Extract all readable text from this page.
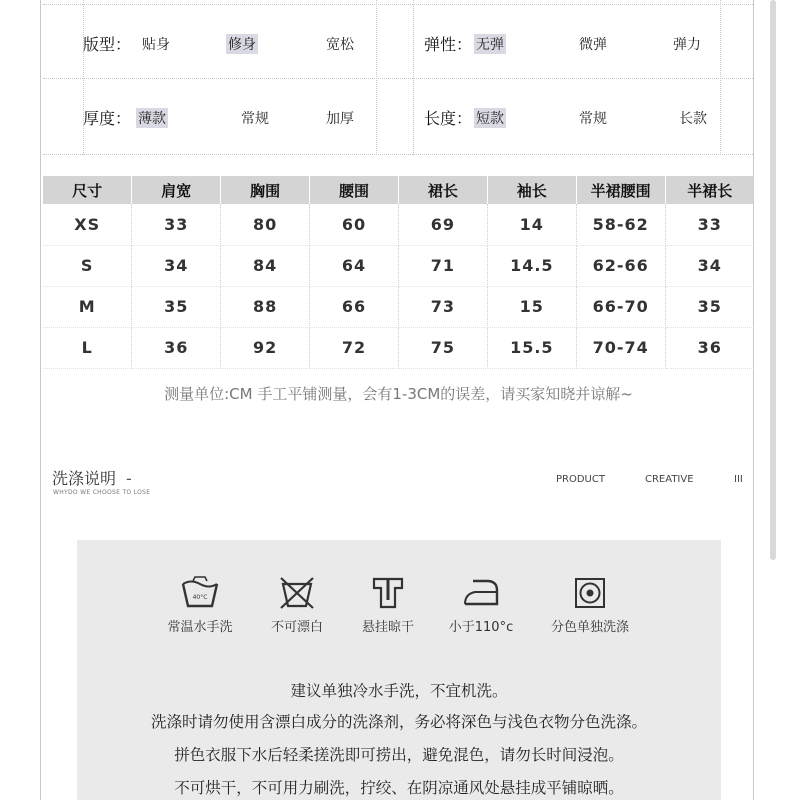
版型： 贴身	修身	宽松	弹性： 无弹	微弹	弹力
厚度： 薄款	常规	加厚	长度： 短款	常规	长款
尺寸	肩宽	胸围	腰围	裙长	袖长	半裙腰围	半裙长
XS	33	80	60	69	14	58-62	33
S	34	84	64	71	14.5	62-66	34
M	35	88	66	73	15	66-70	35
L	36	92	72	75	15.5	70-74	36
测量单位:CM 手工平铺测量，会有1-3CM的误差，请买家知晓并谅解~
洗涤说明 -
WHYDO WE CHOOSE TO LOSE
PRODUCT	CREATIVE	III
40°C
常温水手洗	不可漂白	悬挂晾干	小于110°c	分色单独洗涤
建议单独冷水手洗，不宜机洗。
洗涤时请勿使用含漂白成分的洗涤剂，务必将深色与浅色衣物分色洗涤。
拼色衣服下水后轻柔搓洗即可捞出，避免混色，请勿长时间浸泡。
不可烘干，不可用力刷洗，拧绞、在阴凉通风处悬挂成平铺晾晒。
